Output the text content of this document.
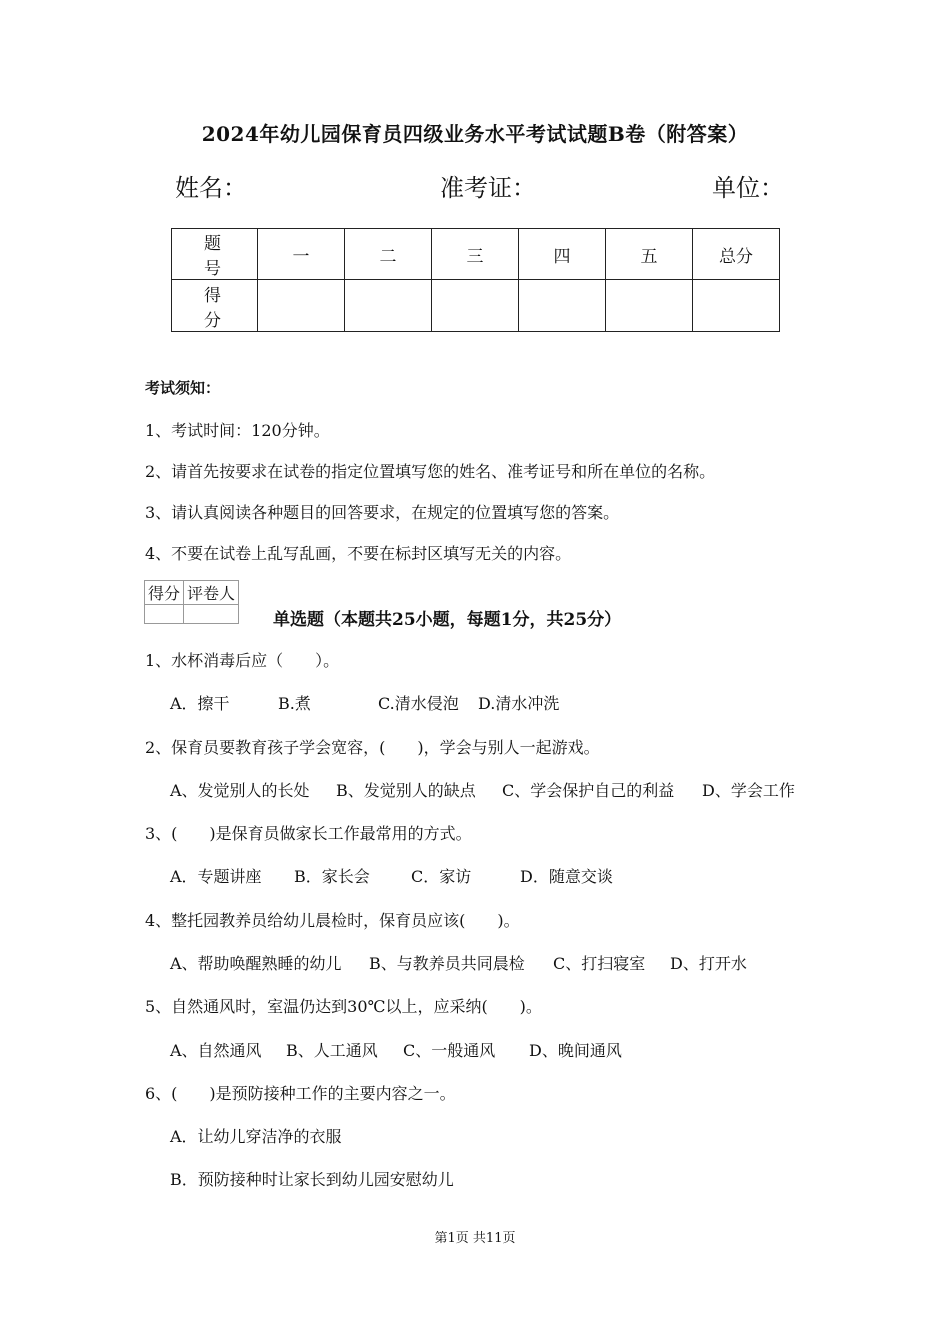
2024年幼儿园保育员四级业务水平考试试题B卷（附答案）
姓名：	准考证：	单位：
题　号	一	二	三	四	五	总分
得　分						
考试须知：
1、考试时间：120分钟。
2、请首先按要求在试卷的指定位置填写您的姓名、准考证号和所在单位的名称。
3、请认真阅读各种题目的回答要求，在规定的位置填写您的答案。
4、不要在试卷上乱写乱画，不要在标封区填写无关的内容。
得分	评卷人

单选题（本题共25小题，每题1分，共25分）
1、水杯消毒后应（　　）。
A．擦干	B.煮	C.清水侵泡 D.清水冲洗
2、保育员要教育孩子学会宽容，(　　)，学会与别人一起游戏。
A、发觉别人的长处 B、发觉别人的缺点 C、学会保护自己的利益 D、学会工作
3、(　　)是保育员做家长工作最常用的方式。
A．专题讲座 B．家长会	C．家访	D．随意交谈
4、整托园教养员给幼儿晨检时，保育员应该(　　)。
A、帮助唤醒熟睡的幼儿 B、与教养员共同晨检 C、打扫寝室 D、打开水
5、自然通风时，室温仍达到30℃以上，应采纳(　　)。
A、自然通风 B、人工通风 C、一般通风 D、晚间通风
6、(　　)是预防接种工作的主要内容之一。
A．让幼儿穿洁净的衣服
B．预防接种时让家长到幼儿园安慰幼儿
第1页 共11页
